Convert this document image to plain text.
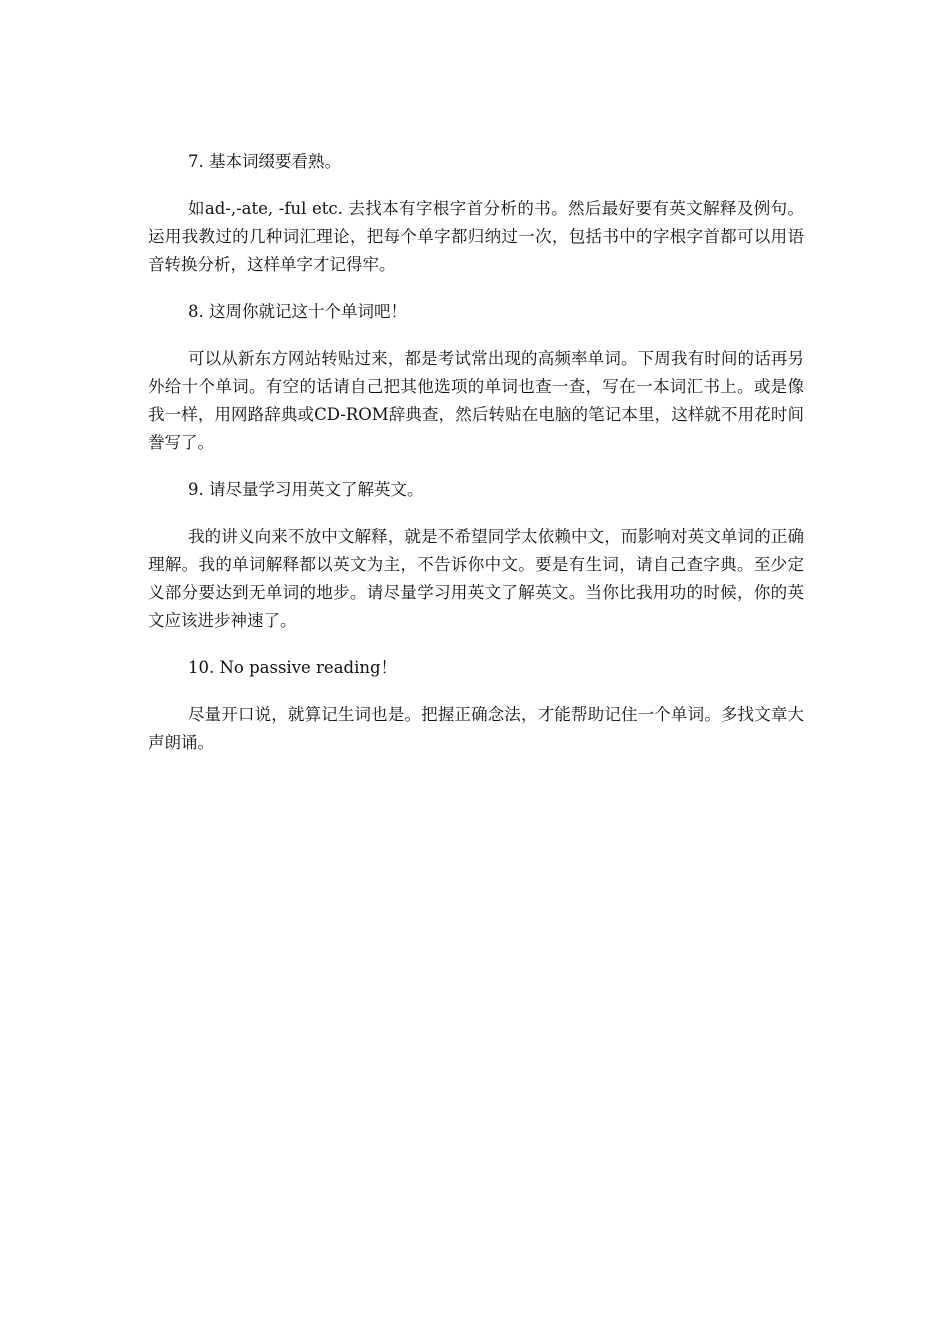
7. 基本词缀要看熟。

如ad-,-ate, -ful etc. 去找本有字根字首分析的书。然后最好要有英文解释及例句。运用我教过的几种词汇理论，把每个单字都归纳过一次，包括书中的字根字首都可以用语音转换分析，这样单字才记得牢。

8. 这周你就记这十个单词吧！

可以从新东方网站转贴过来，都是考试常出现的高频率单词。下周我有时间的话再另外给十个单词。有空的话请自己把其他选项的单词也查一查，写在一本词汇书上。或是像我一样，用网路辞典或CD-ROM辞典查，然后转贴在电脑的笔记本里，这样就不用花时间誊写了。

9. 请尽量学习用英文了解英文。

我的讲义向来不放中文解释，就是不希望同学太依赖中文，而影响对英文单词的正确理解。我的单词解释都以英文为主，不告诉你中文。要是有生词，请自己查字典。至少定义部分要达到无单词的地步。请尽量学习用英文了解英文。当你比我用功的时候，你的英文应该进步神速了。

10. No passive reading！

尽量开口说，就算记生词也是。把握正确念法，才能帮助记住一个单词。多找文章大声朗诵。
